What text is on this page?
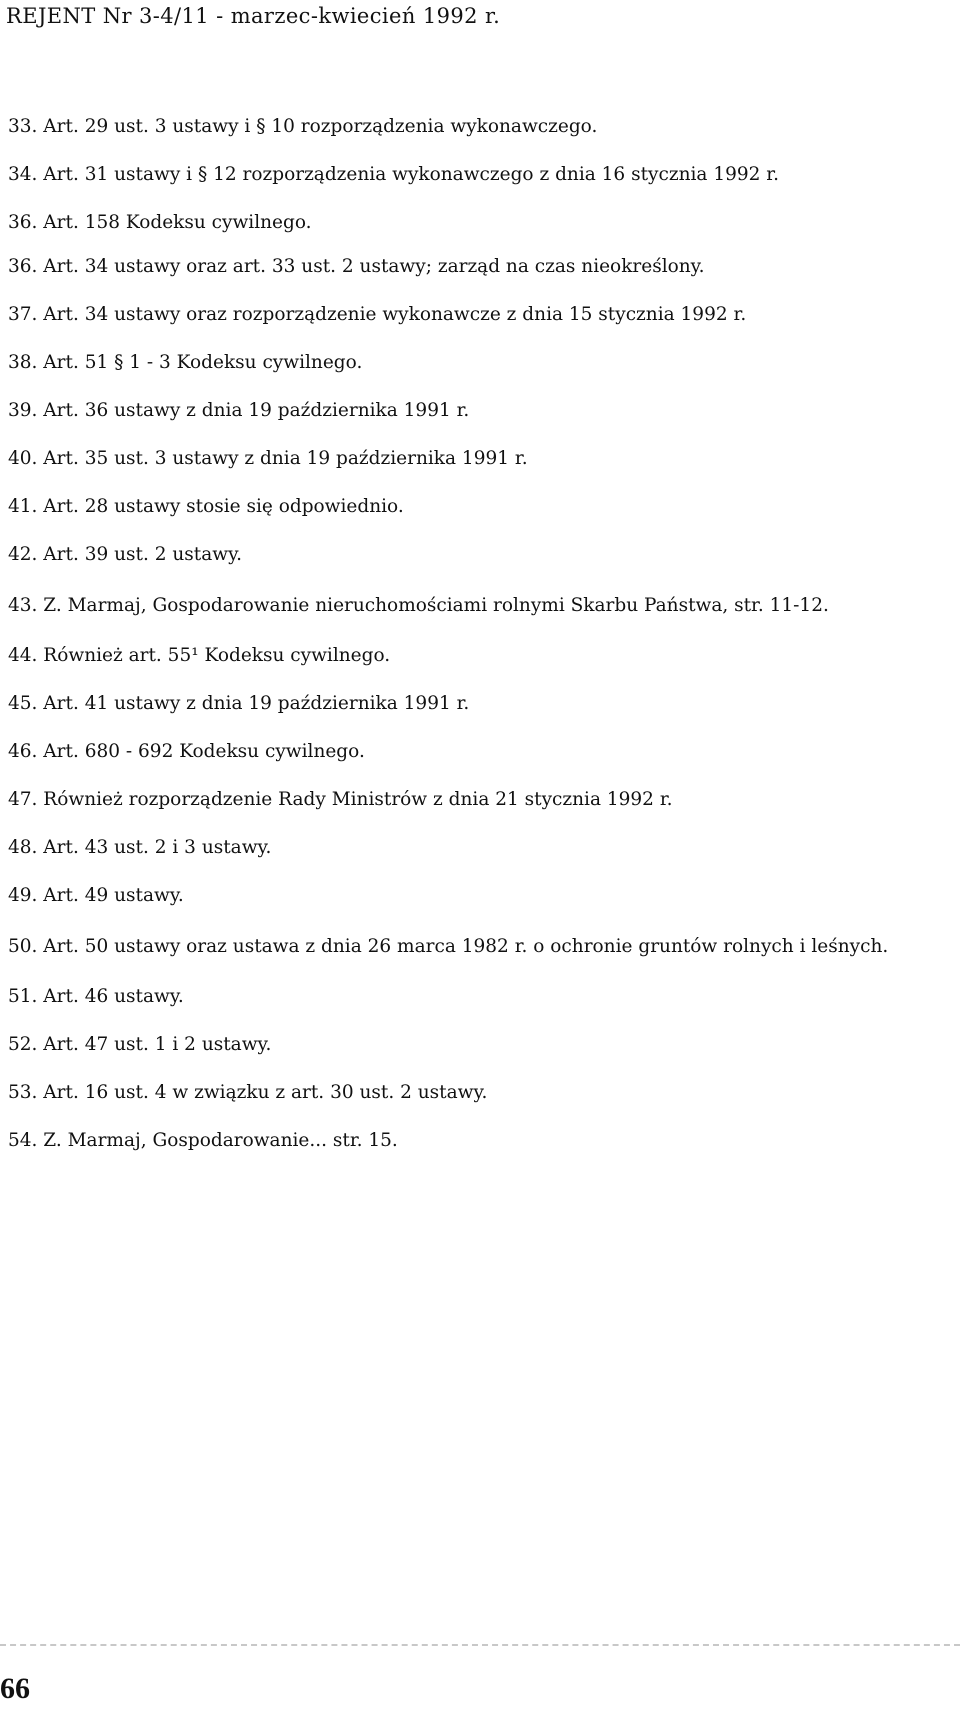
REJENT Nr 3-4/11 - marzec-kwiecień 1992 r.
33. Art. 29 ust. 3 ustawy i § 10 rozporządzenia wykonawczego.
34. Art. 31 ustawy i § 12 rozporządzenia wykonawczego z dnia 16 stycznia 1992 r.
36. Art. 158 Kodeksu cywilnego.
36. Art. 34 ustawy oraz art. 33 ust. 2 ustawy; zarząd na czas nieokreślony.
37. Art. 34 ustawy oraz rozporządzenie wykonawcze z dnia 15 stycznia 1992 r.
38. Art. 51 § 1 - 3 Kodeksu cywilnego.
39. Art. 36 ustawy z dnia 19 października 1991 r.
40. Art. 35 ust. 3 ustawy z dnia 19 października 1991 r.
41. Art. 28 ustawy stosie się odpowiednio.
42. Art. 39 ust. 2 ustawy.
43. Z. Marmaj, Gospodarowanie nieruchomościami rolnymi Skarbu Państwa, str. 11-12.
44. Również art. 55¹ Kodeksu cywilnego.
45. Art. 41 ustawy z dnia 19 października 1991 r.
46. Art. 680 - 692 Kodeksu cywilnego.
47. Również rozporządzenie Rady Ministrów z dnia 21 stycznia 1992 r.
48. Art. 43 ust. 2 i 3 ustawy.
49. Art. 49 ustawy.
50. Art. 50 ustawy oraz ustawa z dnia 26 marca 1982 r. o ochronie gruntów rolnych i leśnych.
51. Art. 46 ustawy.
52. Art. 47 ust. 1 i 2 ustawy.
53. Art. 16 ust. 4 w związku z art. 30 ust. 2 ustawy.
54. Z. Marmaj, Gospodarowanie... str. 15.
66
